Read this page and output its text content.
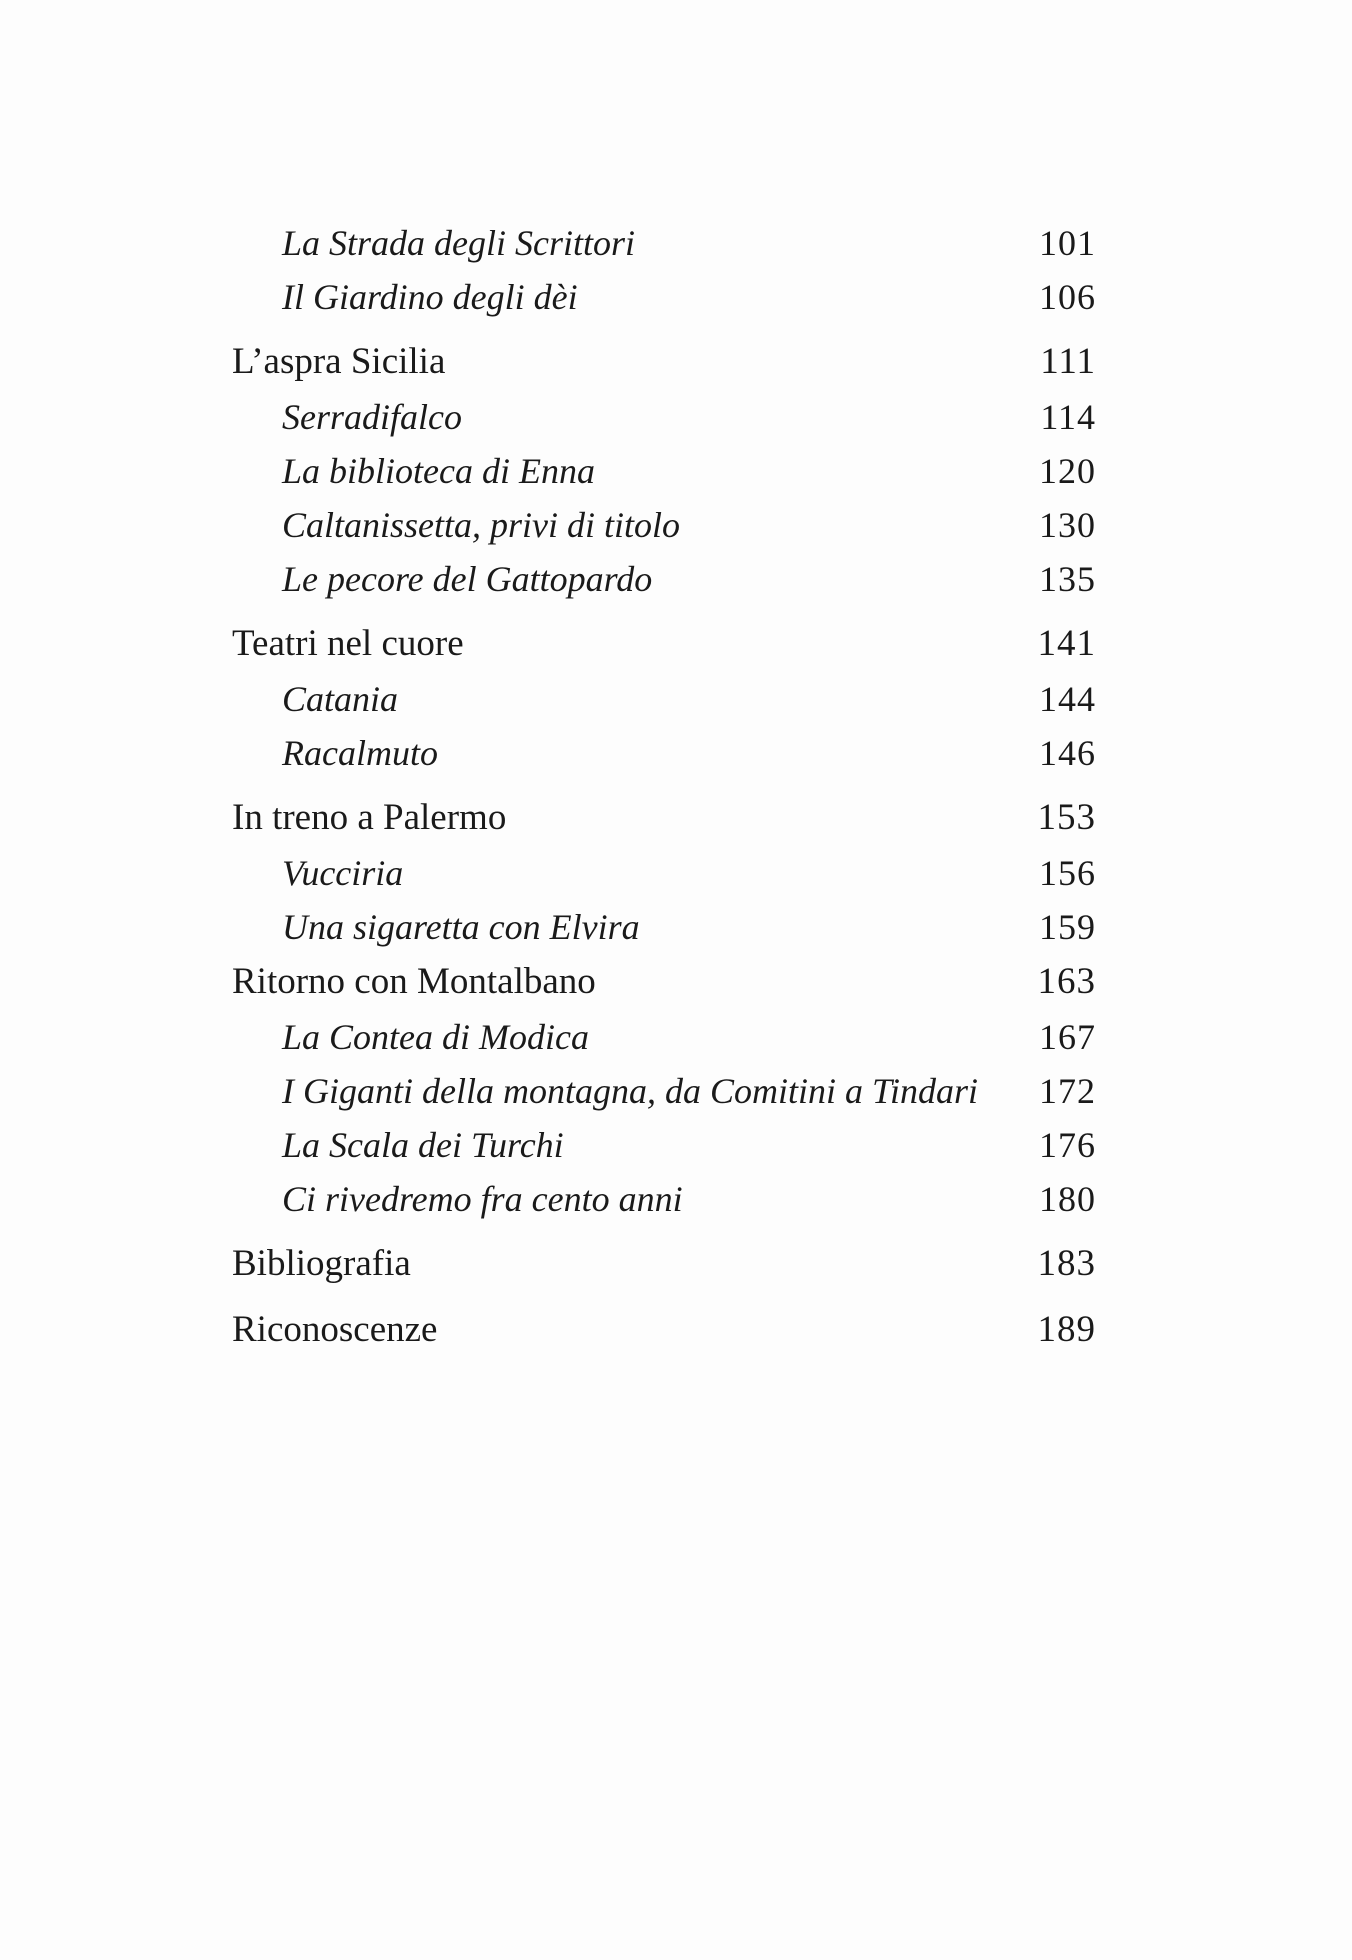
La Strada degli Scrittori	101
Il Giardino degli dèi	106
L’aspra Sicilia	111
Serradifalco	114
La biblioteca di Enna	120
Caltanissetta, privi di titolo	130
Le pecore del Gattopardo	135
Teatri nel cuore	141
Catania	144
Racalmuto	146
In treno a Palermo	153
Vucciria	156
Una sigaretta con Elvira	159
Ritorno con Montalbano	163
La Contea di Modica	167
I Giganti della montagna, da Comitini a Tindari 172
La Scala dei Turchi	176
Ci rivedremo fra cento anni	180
Bibliografia	183
Riconoscenze	189
